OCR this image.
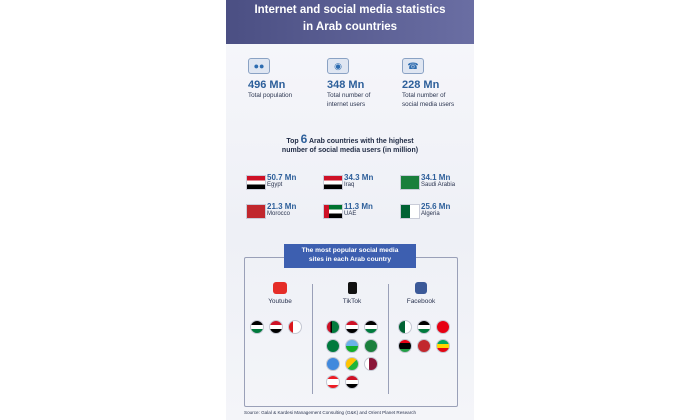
Internet and social media statistics
in Arab countries
●●
496 Mn
Total population
◉
348 Mn
Total number of
internet users
☎
228 Mn
Total number of
social media users
Top 6 Arab countries with the highest
number of social media users (in million)
50.7 Mn
Egypt
34.3 Mn
Iraq
34.1 Mn
Saudi Arabia
21.3 Mn
Morocco
11.3 Mn
UAE
25.6 Mn
Algeria
The most popular social media
sites in each Arab country
Youtube	TikTok	Facebook
Source: Galal & Kardesi Management Consulting (G&K) and Orient Planet Research
